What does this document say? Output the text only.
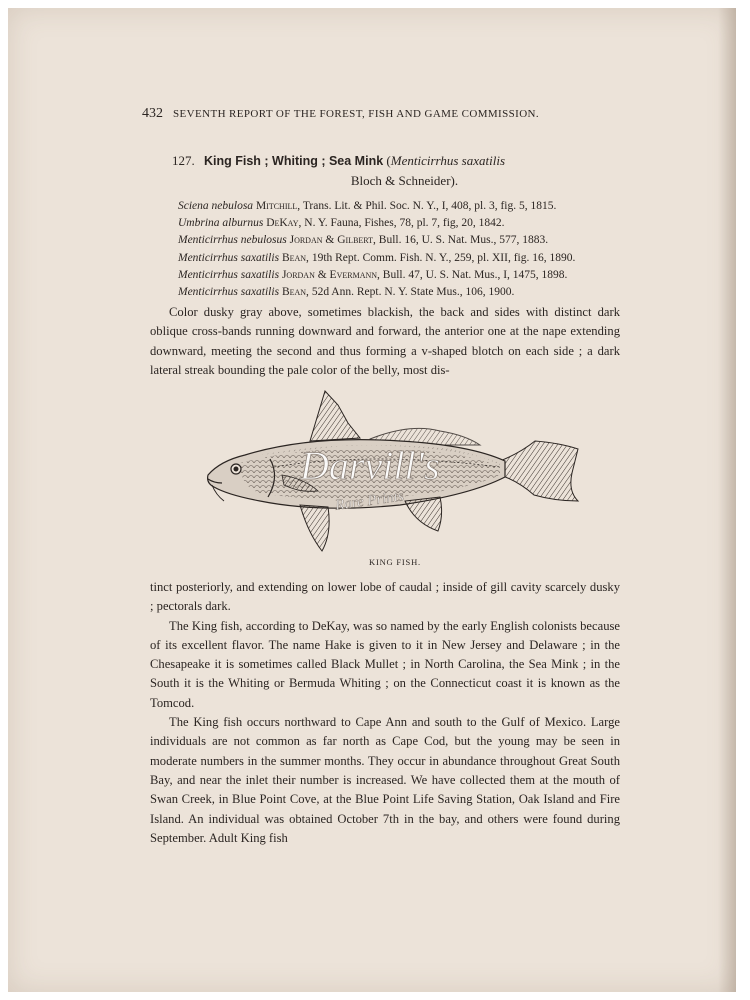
432 SEVENTH REPORT OF THE FOREST, FISH AND GAME COMMISSION.
127. King Fish ; Whiting ; Sea Mink (Menticirrhus saxatilis
Bloch & Schneider).
Sciena nebulosa Mitchill, Trans. Lit. & Phil. Soc. N. Y., I, 408, pl. 3, fig. 5, 1815.
Umbrina alburnus DeKay, N. Y. Fauna, Fishes, 78, pl. 7, fig, 20, 1842.
Menticirrhus nebulosus Jordan & Gilbert, Bull. 16, U. S. Nat. Mus., 577, 1883.
Menticirrhus saxatilis Bean, 19th Rept. Comm. Fish. N. Y., 259, pl. XII, fig. 16, 1890.
Menticirrhus saxatilis Jordan & Evermann, Bull. 47, U. S. Nat. Mus., I, 1475, 1898.
Menticirrhus saxatilis Bean, 52d Ann. Rept. N. Y. State Mus., 106, 1900.

Color dusky gray above, sometimes blackish, the back and sides with distinct dark oblique cross-bands running downward and forward, the anterior one at the nape extending downward, meeting the second and thus forming a v-shaped blotch on each side ; a dark lateral streak bounding the pale color of the belly, most dis-

Darvill's
Rare Prints
KING FISH.

tinct posteriorly, and extending on lower lobe of caudal ; inside of gill cavity scarcely dusky ; pectorals dark.

The King fish, according to DeKay, was so named by the early English colonists because of its excellent flavor. The name Hake is given to it in New Jersey and Delaware ; in the Chesapeake it is sometimes called Black Mullet ; in North Carolina, the Sea Mink ; in the South it is the Whiting or Bermuda Whiting ; on the Connecticut coast it is known as the Tomcod.

The King fish occurs northward to Cape Ann and south to the Gulf of Mexico. Large individuals are not common as far north as Cape Cod, but the young may be seen in moderate numbers in the summer months. They occur in abundance throughout Great South Bay, and near the inlet their number is increased. We have collected them at the mouth of Swan Creek, in Blue Point Cove, at the Blue Point Life Saving Station, Oak Island and Fire Island. An individual was obtained October 7th in the bay, and others were found during September. Adult King fish
